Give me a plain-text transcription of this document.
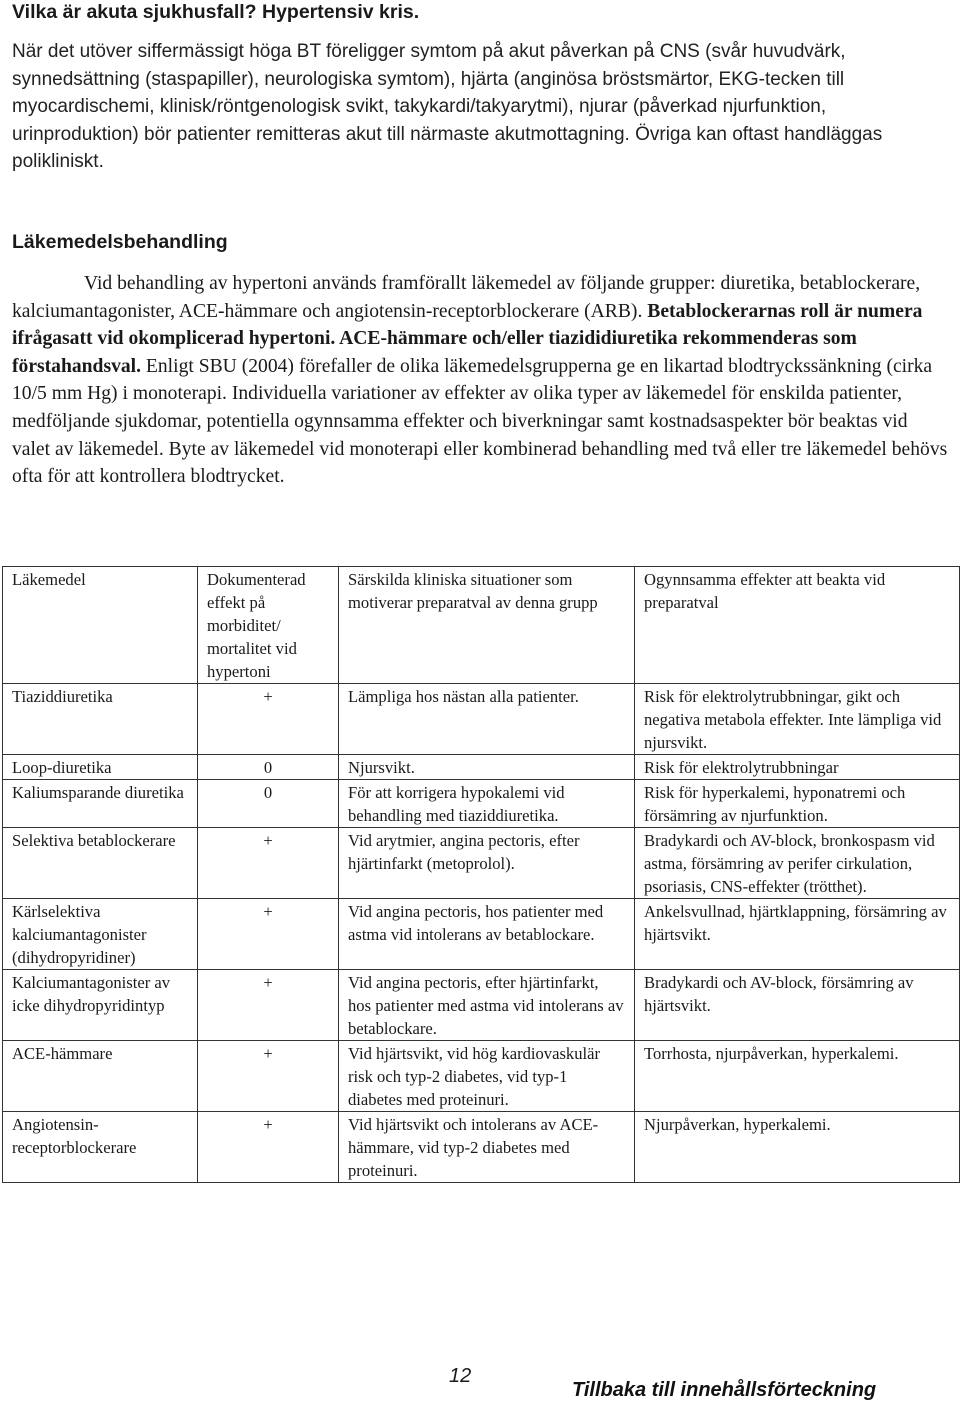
Vilka är akuta sjukhusfall? Hypertensiv kris.

När det utöver siffermässigt höga BT föreligger symtom på akut påverkan på CNS (svår huvudvärk, synnedsättning (staspapiller), neurologiska symtom), hjärta (anginösa bröstsmärtor, EKG-tecken till myocardischemi, klinisk/röntgenologisk svikt, takykardi/takyarytmi), njurar (påverkad njurfunktion, urinproduktion) bör patienter remitteras akut till närmaste akutmottagning. Övriga kan oftast handläggas polikliniskt.

Läkemedelsbehandling

Vid behandling av hypertoni används framförallt läkemedel av följande grupper: diuretika, betablockerare, kalciumantagonister, ACE-hämmare och angiotensin-receptorblockerare (ARB). Betablockerarnas roll är numera ifrågasatt vid okomplicerad hypertoni. ACE-hämmare och/eller tiazididiuretika rekommenderas som förstahandsval. Enligt SBU (2004) förefaller de olika läkemedelsgrupperna ge en likartad blodtryckssänkning (cirka 10/5 mm Hg) i monoterapi. Individuella variationer av effekter av olika typer av läkemedel för enskilda patienter, medföljande sjukdomar, potentiella ogynnsamma effekter och biverkningar samt kostnadsaspekter bör beaktas vid valet av läkemedel. Byte av läkemedel vid monoterapi eller kombinerad behandling med två eller tre läkemedel behövs ofta för att kontrollera blodtrycket.

Läkemedel	Dokumenterad effekt på morbiditet/ mortalitet vid hypertoni	Särskilda kliniska situationer som motiverar preparatval av denna grupp	Ogynnsamma effekter att beakta vid preparatval
Tiaziddiuretika	+	Lämpliga hos nästan alla patienter.	Risk för elektrolytrubbningar, gikt och negativa metabola effekter. Inte lämpliga vid njursvikt.
Loop-diuretika	0	Njursvikt.	Risk för elektrolytrubbningar
Kaliumsparande diuretika	0	För att korrigera hypokalemi vid behandling med tiaziddiuretika.	Risk för hyperkalemi, hyponatremi och försämring av njurfunktion.
Selektiva betablockerare	+	Vid arytmier, angina pectoris, efter hjärtinfarkt (metoprolol).	Bradykardi och AV-block, bronkospasm vid astma, försämring av perifer cirkulation, psoriasis, CNS-effekter (trötthet).
Kärlselektiva kalciumantagonister (dihydropyridiner)	+	Vid angina pectoris, hos patienter med astma vid intolerans av betablockare.	Ankelsvullnad, hjärtklappning, försämring av hjärtsvikt.
Kalciumantagonister av icke dihydropyridintyp	+	Vid angina pectoris, efter hjärtinfarkt, hos patienter med astma vid intolerans av betablockare.	Bradykardi och AV-block, försämring av hjärtsvikt.
ACE-hämmare	+	Vid hjärtsvikt, vid hög kardiovaskulär risk och typ-2 diabetes, vid typ-1 diabetes med proteinuri.	Torrhosta, njurpåverkan, hyperkalemi.
Angiotensin-receptorblockerare	+	Vid hjärtsvikt och intolerans av ACE-hämmare, vid typ-2 diabetes med proteinuri.	Njurpåverkan, hyperkalemi.
12
Tillbaka till innehållsförteckning
